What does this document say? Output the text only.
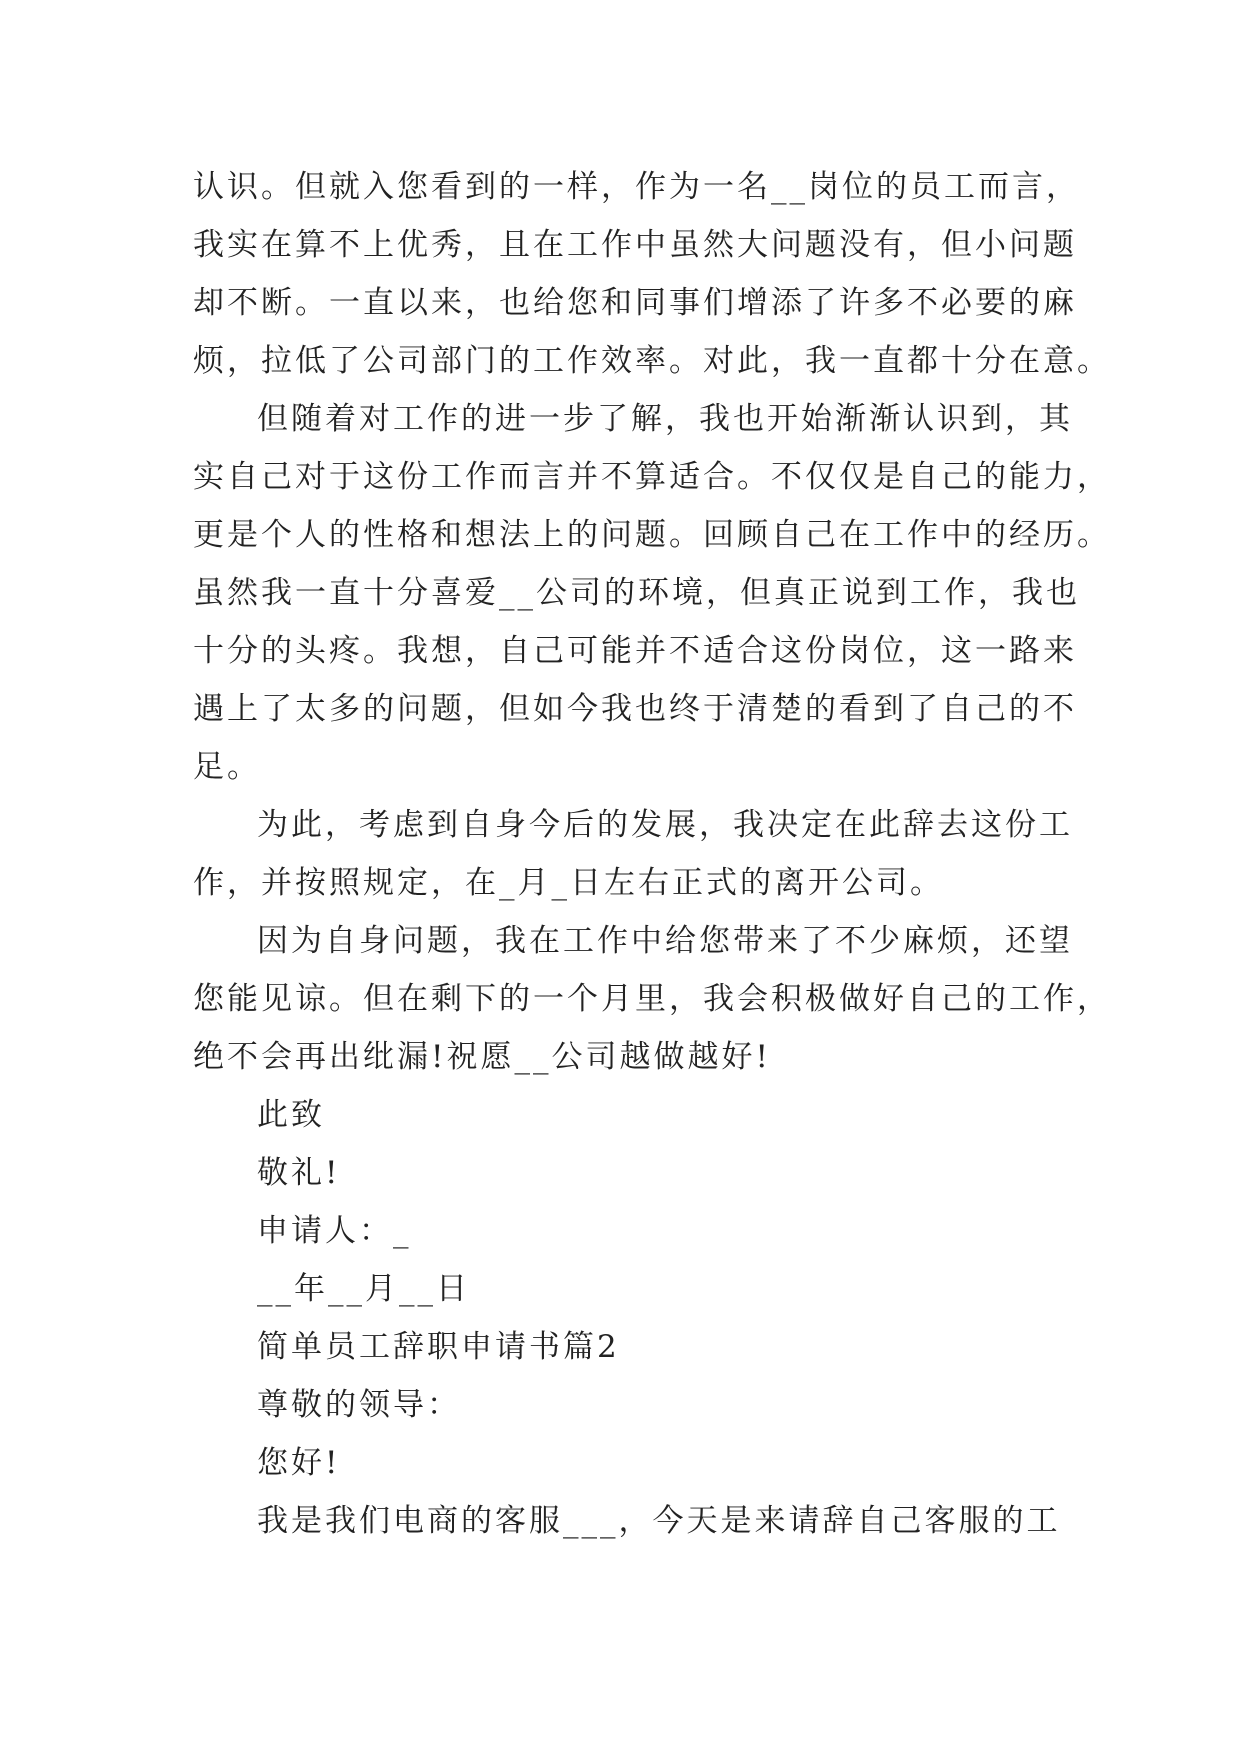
认识。但就入您看到的一样，作为一名__岗位的员工而言，
我实在算不上优秀，且在工作中虽然大问题没有，但小问题
却不断。一直以来，也给您和同事们增添了许多不必要的麻
烦，拉低了公司部门的工作效率。对此，我一直都十分在意。
但随着对工作的进一步了解，我也开始渐渐认识到，其
实自己对于这份工作而言并不算适合。不仅仅是自己的能力，
更是个人的性格和想法上的问题。回顾自己在工作中的经历。
虽然我一直十分喜爱__公司的环境，但真正说到工作，我也
十分的头疼。我想，自己可能并不适合这份岗位，这一路来
遇上了太多的问题，但如今我也终于清楚的看到了自己的不
足。
为此，考虑到自身今后的发展，我决定在此辞去这份工
作，并按照规定，在_月_日左右正式的离开公司。
因为自身问题，我在工作中给您带来了不少麻烦，还望
您能见谅。但在剩下的一个月里，我会积极做好自己的工作，
绝不会再出纰漏!祝愿__公司越做越好!
此致
敬礼!
申请人：_
__年__月__日
简单员工辞职申请书篇2
尊敬的领导：
您好!
我是我们电商的客服___，今天是来请辞自己客服的工
